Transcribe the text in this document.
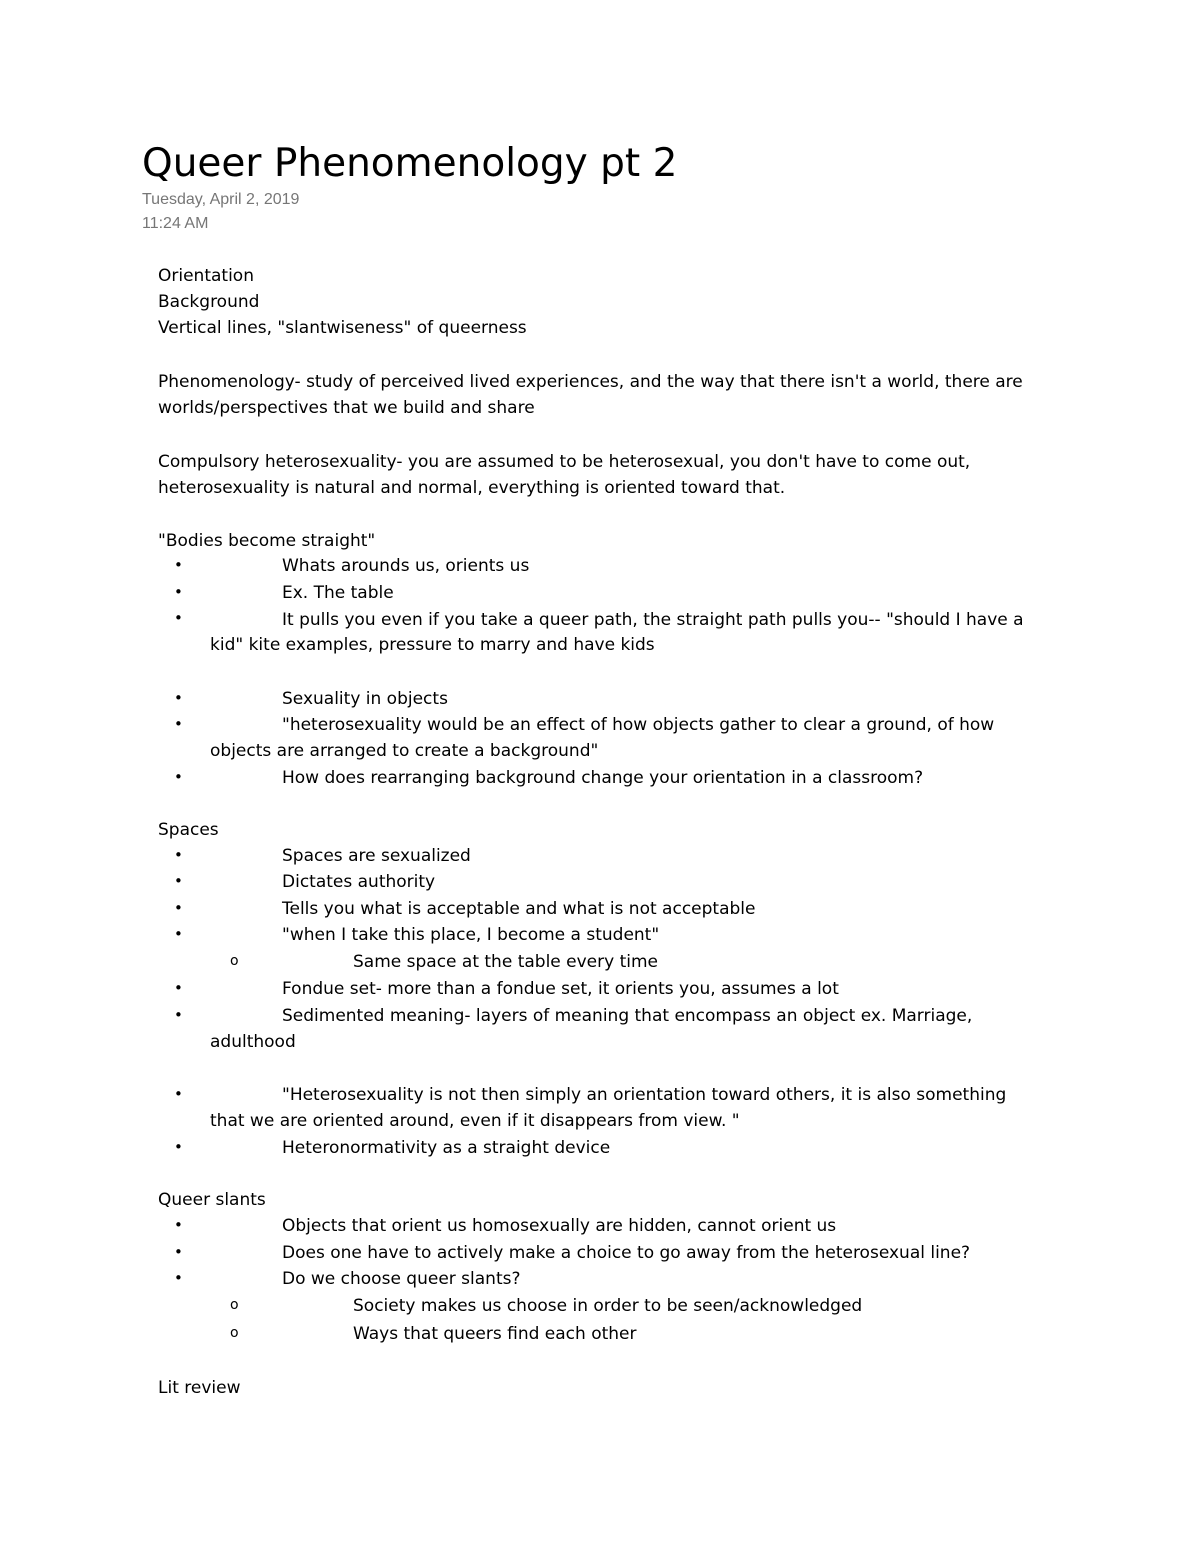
Queer Phenomenology pt 2
Tuesday, April 2, 2019
11:24 AM
Orientation
Background
Vertical lines, "slantwiseness" of queerness
Phenomenology- study of perceived lived experiences, and the way that there isn't a world, there are
worlds/perspectives that we build and share
Compulsory heterosexuality- you are assumed to be heterosexual, you don't have to come out,
heterosexuality is natural and normal, everything is oriented toward that.
"Bodies become straight"
•	Whats arounds us, orients us
•	Ex. The table
•	It pulls you even if you take a queer path, the straight path pulls you-- "should I have a
kid" kite examples, pressure to marry and have kids
•	Sexuality in objects
•	"heterosexuality would be an effect of how objects gather to clear a ground, of how
objects are arranged to create a background"
•	How does rearranging background change your orientation in a classroom?
Spaces
•	Spaces are sexualized
•	Dictates authority
•	Tells you what is acceptable and what is not acceptable
•	"when I take this place, I become a student"
o	Same space at the table every time
•	Fondue set- more than a fondue set, it orients you, assumes a lot
•	Sedimented meaning- layers of meaning that encompass an object ex. Marriage,
adulthood
•	"Heterosexuality is not then simply an orientation toward others, it is also something
that we are oriented around, even if it disappears from view. "
•	Heteronormativity as a straight device
Queer slants
•	Objects that orient us homosexually are hidden, cannot orient us
•	Does one have to actively make a choice to go away from the heterosexual line?
•	Do we choose queer slants?
o	Society makes us choose in order to be seen/acknowledged
o	Ways that queers find each other
Lit review
